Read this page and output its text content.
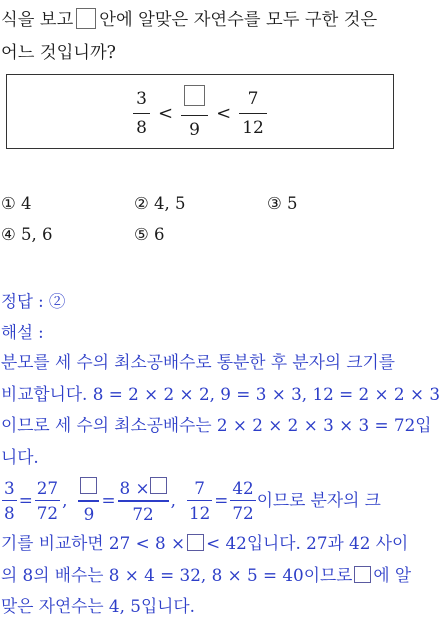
식을 보고 안에 알맞은 자연수를 모두 구한 것은
어느 것입니까?
$\frac{3}{8}$ <
9
< $\frac{7}{12}$
① 4	② 4, 5	③ 5
④ 5, 6	⑤ 6
정답 : ②
해설 :
분모를 세 수의 최소공배수로 통분한 후 분자의 크기를
비교합니다. 8 = 2 × 2 × 2, 9 = 3 × 3, 12 = 2 × 2 × 3
이므로 세 수의 최소공배수는 2 × 2 × 2 × 3 × 3 = 72입
니다.
$\frac{3}{8} = \frac{27}{72}$ ,
9
= $\frac{8 \times}{72}$ , $\frac{7}{12} = \frac{42}{72}$ 이므로 분자의 크
기를 비교하면 27 < 8 × < 42입니다. 27과 42 사이
의 8의 배수는 8 × 4 = 32, 8 × 5 = 40이므로 에 알
맞은 자연수는 4, 5입니다.
